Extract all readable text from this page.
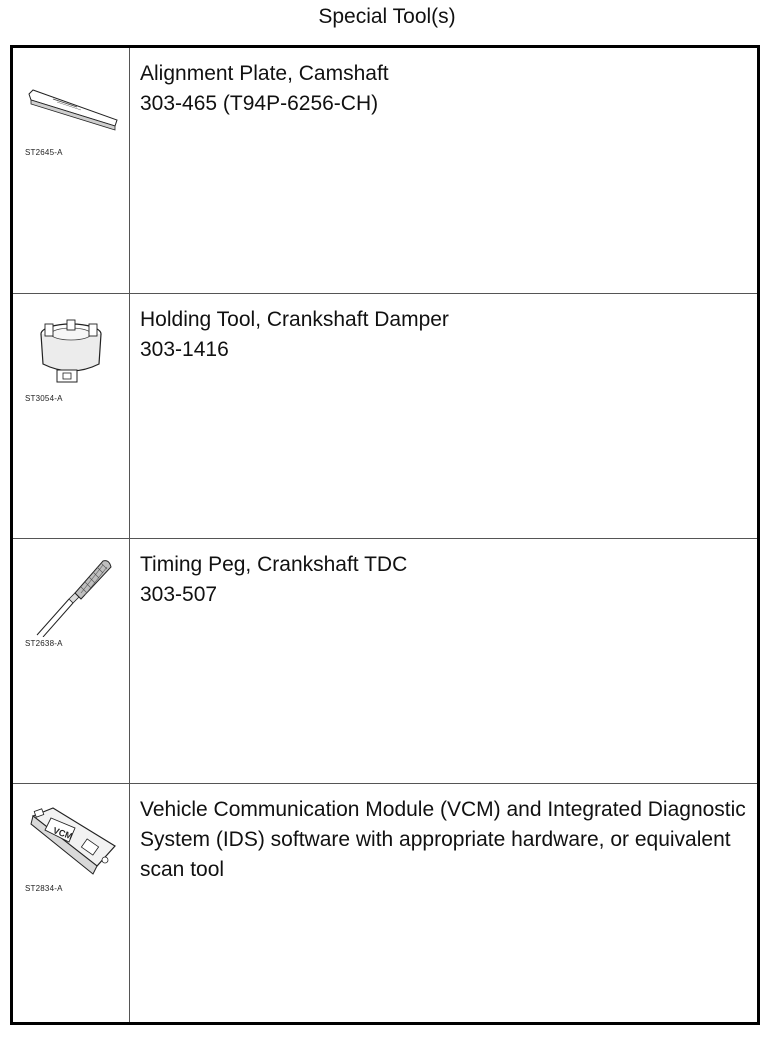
Special Tool(s)
ST2645-A
Alignment Plate, Camshaft
303-465 (T94P-6256-CH)
ST3054-A
Holding Tool, Crankshaft Damper
303-1416
ST2638-A
Timing Peg, Crankshaft TDC
303-507
VCM
ST2834-A
Vehicle Communication Module (VCM) and Integrated Diagnostic System (IDS) software with appropriate hardware, or equivalent scan tool
